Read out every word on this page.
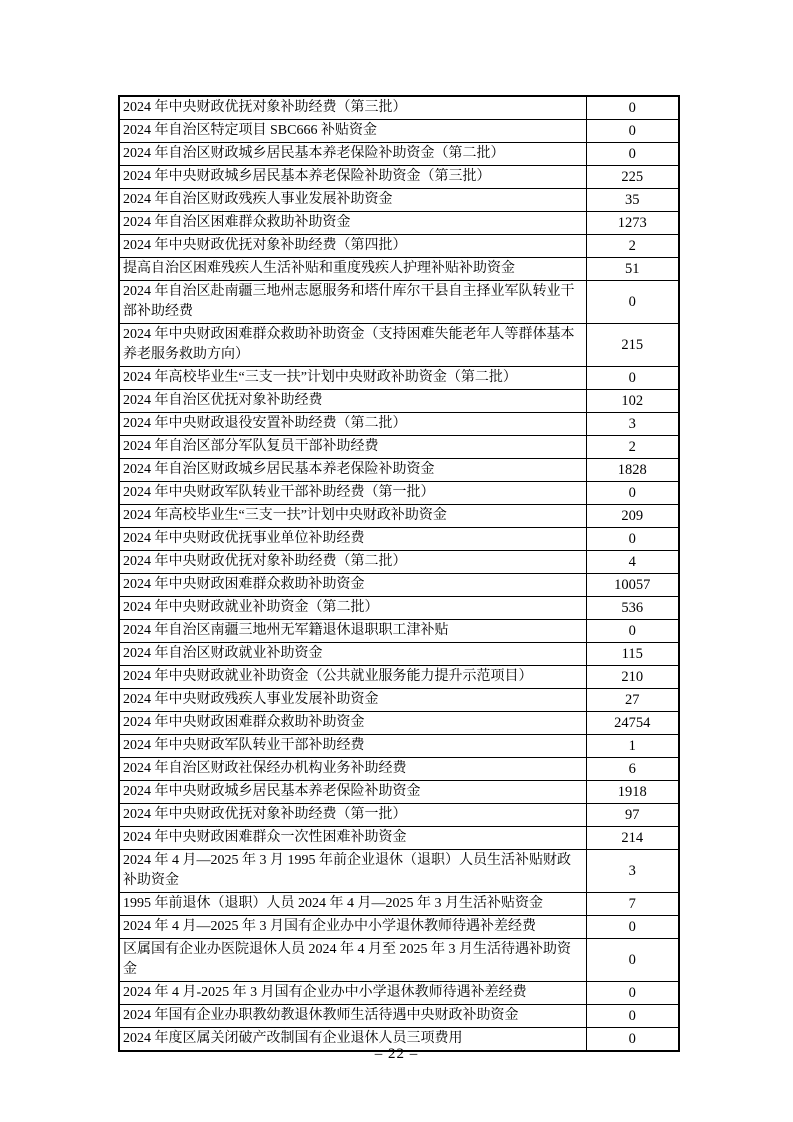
2024 年中央财政优抚对象补助经费（第三批）	0
2024 年自治区特定项目 SBC666 补贴资金	0
2024 年自治区财政城乡居民基本养老保险补助资金（第二批）	0
2024 年中央财政城乡居民基本养老保险补助资金（第三批）	225
2024 年自治区财政残疾人事业发展补助资金	35
2024 年自治区困难群众救助补助资金	1273
2024 年中央财政优抚对象补助经费（第四批）	2
提高自治区困难残疾人生活补贴和重度残疾人护理补贴补助资金	51
2024 年自治区赴南疆三地州志愿服务和塔什库尔干县自主择业军队转业干部补助经费	0
2024 年中央财政困难群众救助补助资金（支持困难失能老年人等群体基本养老服务救助方向）	215
2024 年高校毕业生“三支一扶”计划中央财政补助资金（第二批）	0
2024 年自治区优抚对象补助经费	102
2024 年中央财政退役安置补助经费（第二批）	3
2024 年自治区部分军队复员干部补助经费	2
2024 年自治区财政城乡居民基本养老保险补助资金	1828
2024 年中央财政军队转业干部补助经费（第一批）	0
2024 年高校毕业生“三支一扶”计划中央财政补助资金	209
2024 年中央财政优抚事业单位补助经费	0
2024 年中央财政优抚对象补助经费（第二批）	4
2024 年中央财政困难群众救助补助资金	10057
2024 年中央财政就业补助资金（第二批）	536
2024 年自治区南疆三地州无军籍退休退职职工津补贴	0
2024 年自治区财政就业补助资金	115
2024 年中央财政就业补助资金（公共就业服务能力提升示范项目）	210
2024 年中央财政残疾人事业发展补助资金	27
2024 年中央财政困难群众救助补助资金	24754
2024 年中央财政军队转业干部补助经费	1
2024 年自治区财政社保经办机构业务补助经费	6
2024 年中央财政城乡居民基本养老保险补助资金	1918
2024 年中央财政优抚对象补助经费（第一批）	97
2024 年中央财政困难群众一次性困难补助资金	214
2024 年 4 月—2025 年 3 月 1995 年前企业退休（退职）人员生活补贴财政补助资金	3
1995 年前退休（退职）人员 2024 年 4 月—2025 年 3 月生活补贴资金	7
2024 年 4 月—2025 年 3 月国有企业办中小学退休教师待遇补差经费	0
区属国有企业办医院退休人员 2024 年 4 月至 2025 年 3 月生活待遇补助资金	0
2024 年 4 月-2025 年 3 月国有企业办中小学退休教师待遇补差经费	0
2024 年国有企业办职教幼教退休教师生活待遇中央财政补助资金	0
2024 年度区属关闭破产改制国有企业退休人员三项费用	0
– 22 –
